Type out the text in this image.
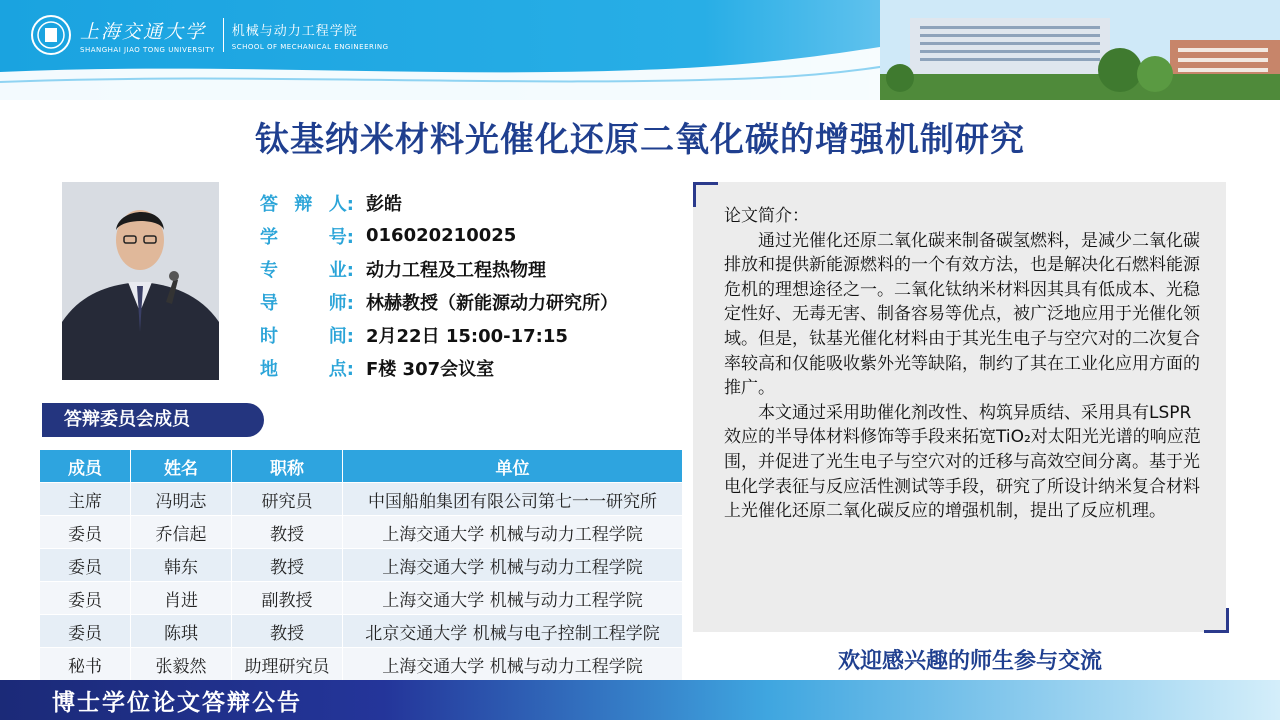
上海交通大学
SHANGHAI JIAO TONG UNIVERSITY
机械与动力工程学院
SCHOOL OF MECHANICAL ENGINEERING
钛基纳米材料光催化还原二氧化碳的增强机制研究
答 辩 人: 彭皓
学	号: 016020210025
专	业: 动力工程及工程热物理
导	师: 林赫教授（新能源动力研究所）
时	间: 2月22日 15:00-17:15
地	点: F楼 307会议室
答辩委员会成员
成员	姓名	职称	单位
主席	冯明志	研究员	中国船舶集团有限公司第七一一研究所
委员	乔信起	教授	上海交通大学 机械与动力工程学院
委员	韩东	教授	上海交通大学 机械与动力工程学院
委员	肖进	副教授	上海交通大学 机械与动力工程学院
委员	陈琪	教授	北京交通大学 机械与电子控制工程学院
秘书	张毅然	助理研究员	上海交通大学 机械与动力工程学院

论文简介：

通过光催化还原二氧化碳来制备碳氢燃料，是减少二氧化碳排放和提供新能源燃料的一个有效方法，也是解决化石燃料能源危机的理想途径之一。二氧化钛纳米材料因其具有低成本、光稳定性好、无毒无害、制备容易等优点，被广泛地应用于光催化领域。但是，钛基光催化材料由于其光生电子与空穴对的二次复合率较高和仅能吸收紫外光等缺陷，制约了其在工业化应用方面的推广。

本文通过采用助催化剂改性、构筑异质结、采用具有LSPR效应的半导体材料修饰等手段来拓宽TiO₂对太阳光光谱的响应范围，并促进了光生电子与空穴对的迁移与高效空间分离。基于光电化学表征与反应活性测试等手段，研究了所设计纳米复合材料上光催化还原二氧化碳反应的增强机制，提出了反应机理。

欢迎感兴趣的师生参与交流
博士学位论文答辩公告
